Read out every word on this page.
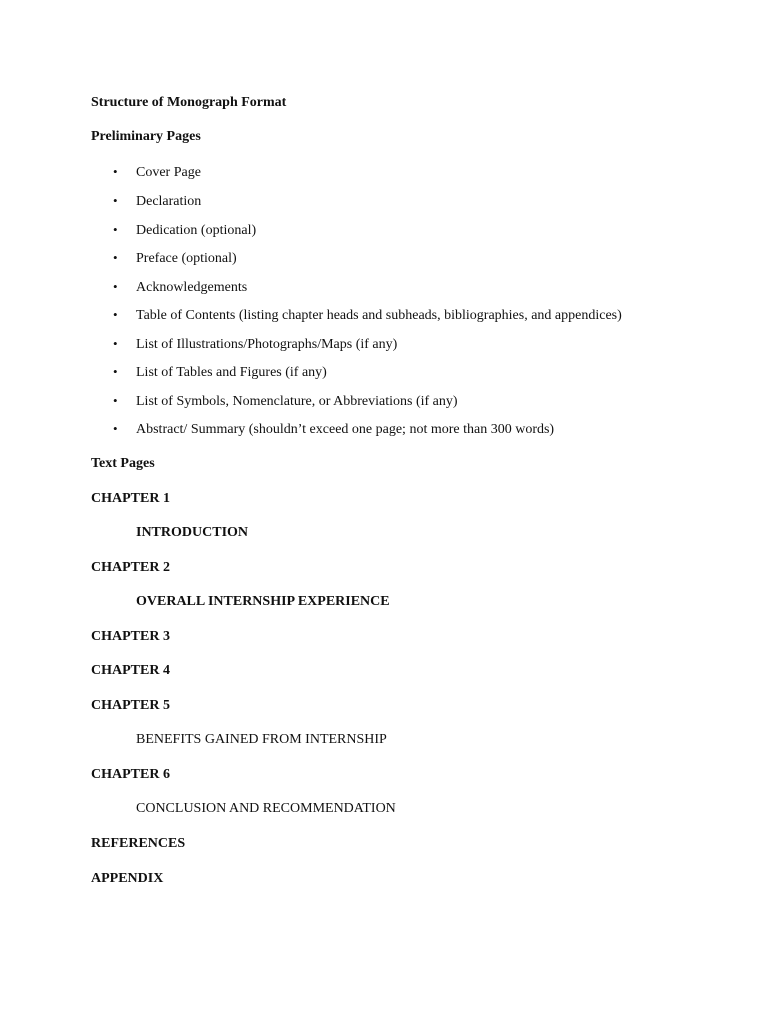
Structure of Monograph Format
Preliminary Pages
• Cover Page
• Declaration
• Dedication (optional)
• Preface (optional)
• Acknowledgements
• Table of Contents (listing chapter heads and subheads, bibliographies, and appendices)
• List of Illustrations/Photographs/Maps (if any)
• List of Tables and Figures (if any)
• List of Symbols, Nomenclature, or Abbreviations (if any)
• Abstract/ Summary (shouldn’t exceed one page; not more than 300 words)
Text Pages
CHAPTER 1
INTRODUCTION
CHAPTER 2
OVERALL INTERNSHIP EXPERIENCE
CHAPTER 3
CHAPTER 4
CHAPTER 5
BENEFITS GAINED FROM INTERNSHIP
CHAPTER 6
CONCLUSION AND RECOMMENDATION
REFERENCES
APPENDIX
